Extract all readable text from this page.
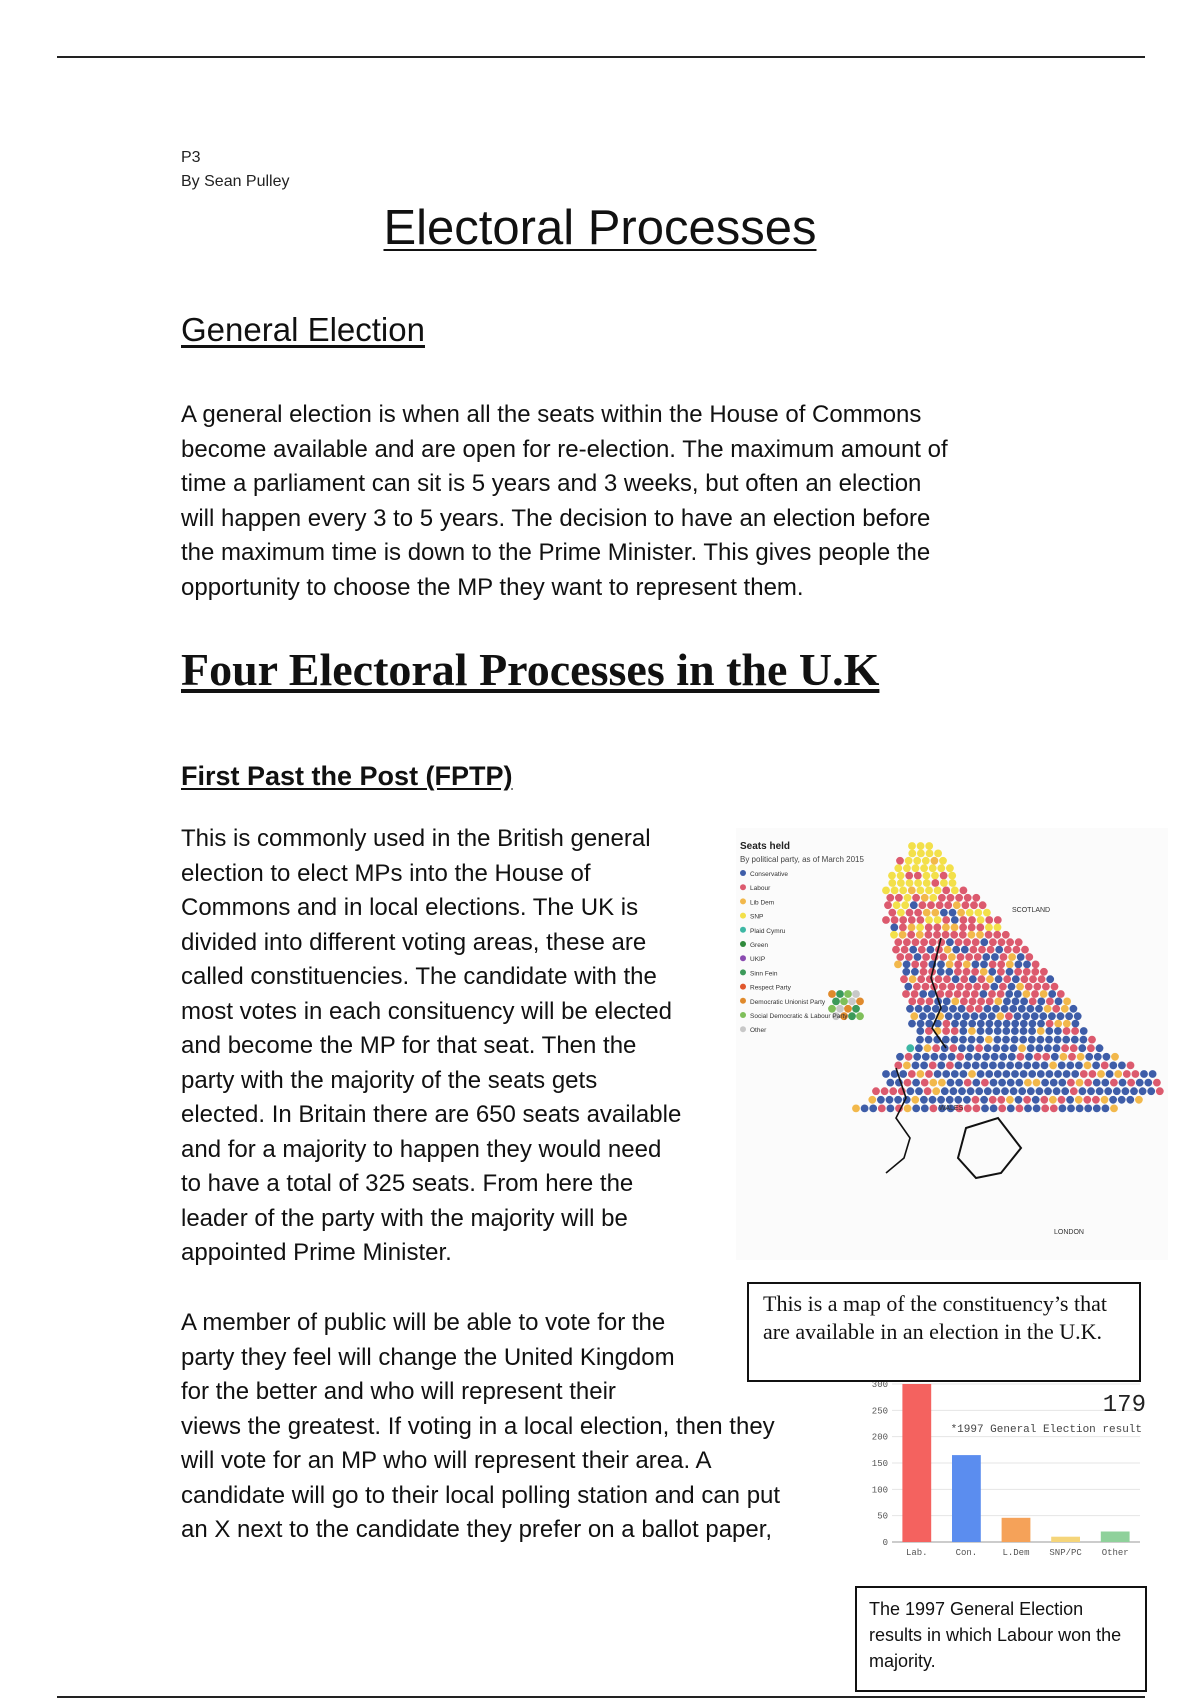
P3
By Sean Pulley
Electoral Processes
General Election
A general election is when all the seats within the House of Commons
become available and are open for re-election. The maximum amount of
time a parliament can sit is 5 years and 3 weeks, but often an election
will happen every 3 to 5 years. The decision to have an election before
the maximum time is down to the Prime Minister. This gives people the
opportunity to choose the MP they want to represent them.
Four Electoral Processes in the U.K
First Past the Post (FPTP)
This is commonly used in the British general
election to elect MPs into the House of
Commons and in local elections. The UK is
divided into different voting areas, these are
called constituencies. The candidate with the
most votes in each consituency will be elected
and become the MP for that seat. Then the
party with the majority of the seats gets
elected. In Britain there are 650 seats available
and for a majority to happen they would need
to have a total of 325 seats. From here the
leader of the party with the majority will be
appointed Prime Minister.
A member of public will be able to vote for the
party they feel will change the United Kingdom
for the better and who will represent their
views the greatest. If voting in a local election, then they
will vote for an MP who will represent their area. A
candidate will go to their local polling station and can put
an X next to the candidate they prefer on a ballot paper,
Seats held
By political party, as of March 2015
Conservative
Labour
Lib Dem
SNP
Plaid Cymru
Green
UKIP
Sinn Fein
Respect Party
Democratic Unionist Party
Social Democratic & Labour Party
Other
SCOTLAND
WALES
LONDON
This is a map of the constituency’s that are available in an election in the U.K.
0
50
100
150
200
250
300
Lab.	Con.	L.Dem SNP/PC Other
179
*1997 General Election result
The 1997 General Election results in which Labour won the majority.
